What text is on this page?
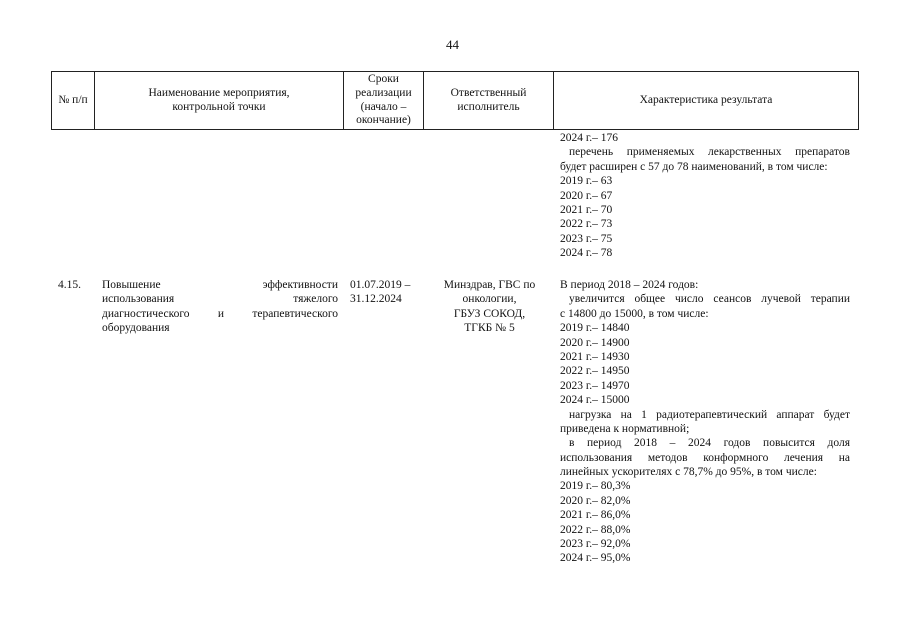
44
№ п/п
Наименование мероприятия,
контрольной точки
Сроки
реализации
(начало –
окончание)
Ответственный
исполнитель
Характеристика результата
2024 г.– 176
перечень применяемых лекарственных препаратов
будет расширен с 57 до 78 наименований, в том числе:
2019 г.– 63
2020 г.– 67
2021 г.– 70
2022 г.– 73
2023 г.– 75
2024 г.– 78
4.15.	Повышение эффективности
использования тяжелого
диагностического и терапевтического
оборудования
01.07.2019 –
31.12.2024
Минздрав, ГВС по
онкологии,
ГБУЗ СОКОД,
ТГКБ № 5
В период 2018 – 2024 годов:
увеличится общее число сеансов лучевой терапии
с 14800 до 15000, в том числе:
2019 г.– 14840
2020 г.– 14900
2021 г.– 14930
2022 г.– 14950
2023 г.– 14970
2024 г.– 15000
нагрузка на 1 радиотерапевтический аппарат будет
приведена к нормативной;
в период 2018 – 2024 годов повысится доля
использования методов конформного лечения на
линейных ускорителях с 78,7% до 95%, в том числе:
2019 г.– 80,3%
2020 г.– 82,0%
2021 г.– 86,0%
2022 г.– 88,0%
2023 г.– 92,0%
2024 г.– 95,0%
